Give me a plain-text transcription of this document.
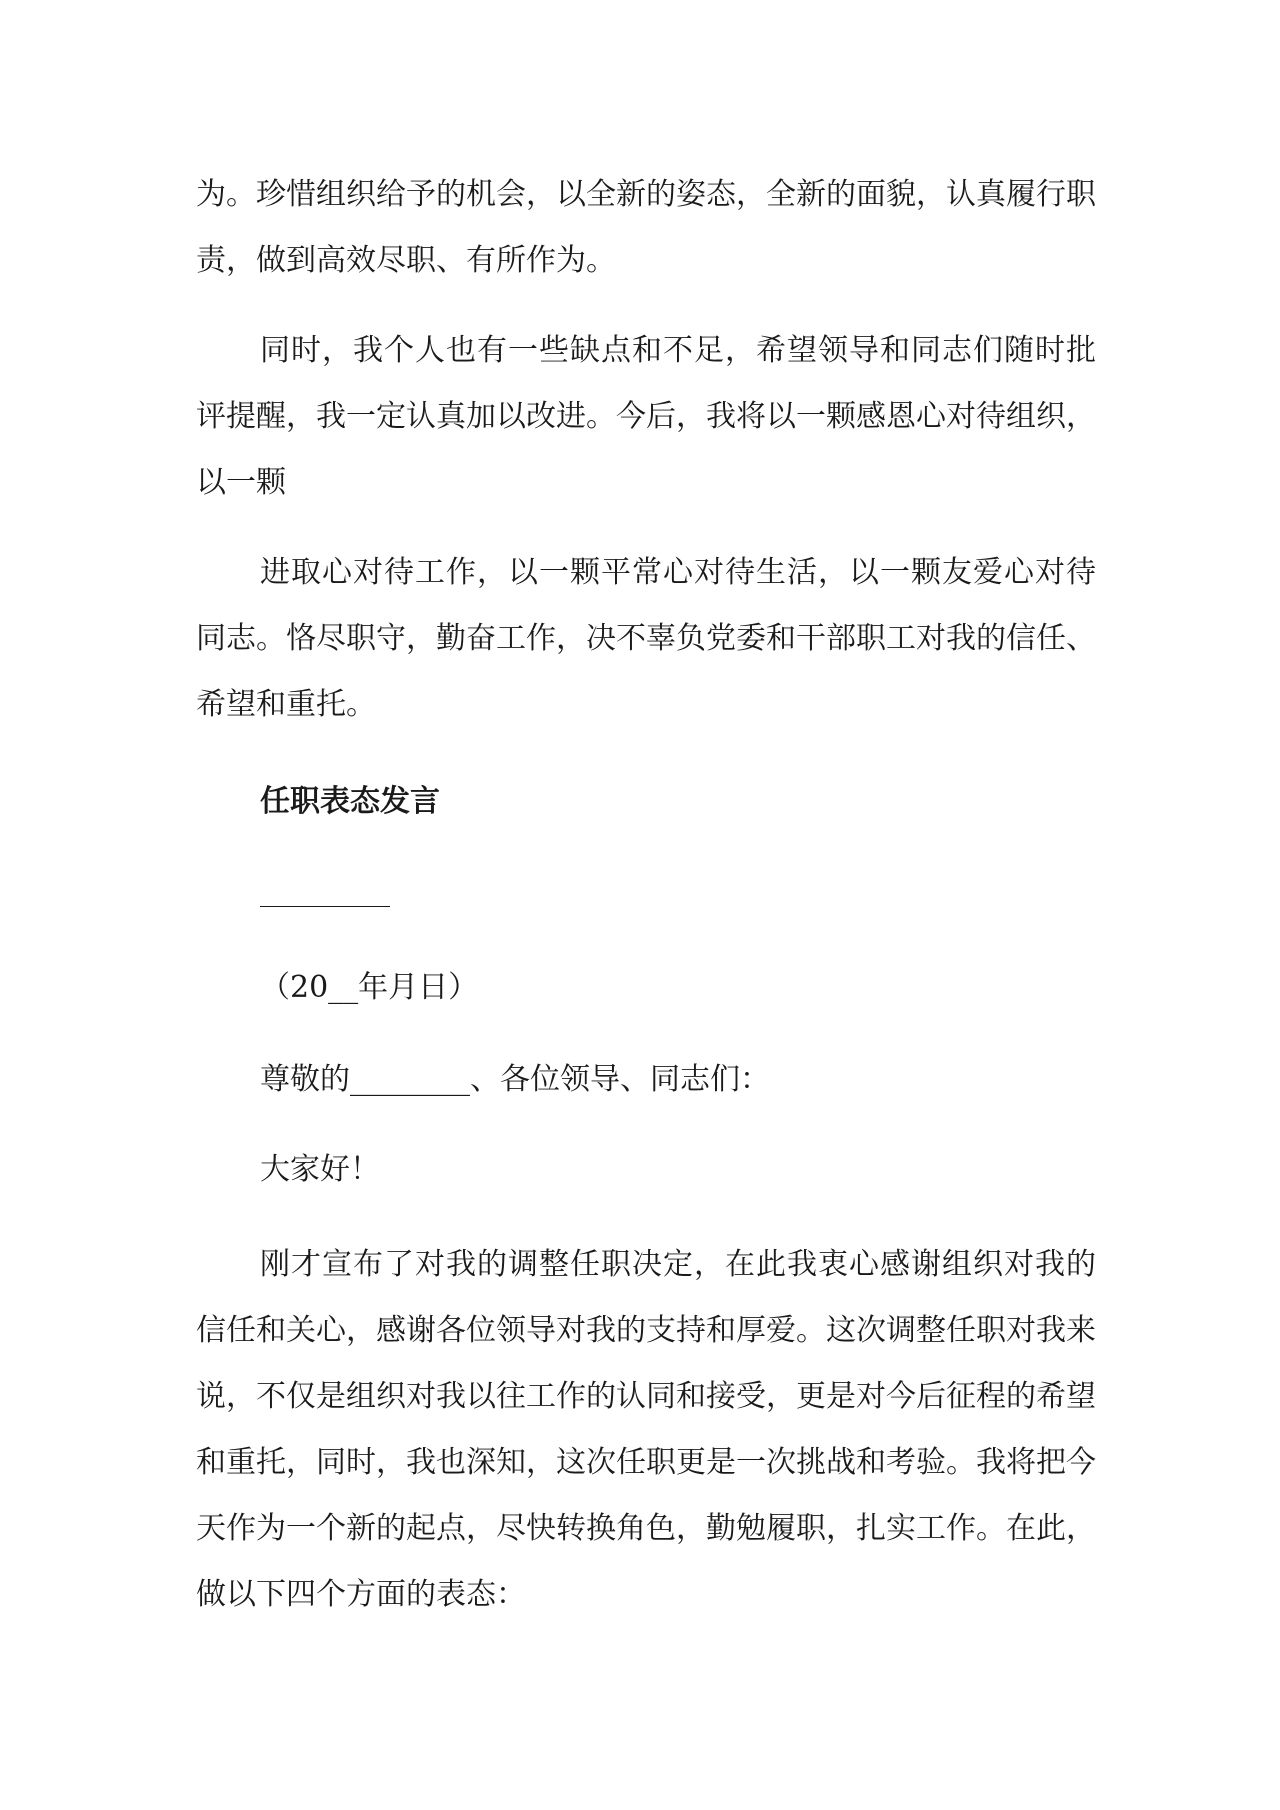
为。珍惜组织给予的机会，以全新的姿态，全新的面貌，认真履行职责，做到高效尽职、有所作为。

同时，我个人也有一些缺点和不足，希望领导和同志们随时批评提醒，我一定认真加以改进。今后，我将以一颗感恩心对待组织，以一颗

进取心对待工作，以一颗平常心对待生活，以一颗友爱心对待同志。恪尽职守，勤奋工作，决不辜负党委和干部职工对我的信任、希望和重托。

任职表态发言

（20__年月日）

尊敬的________、各位领导、同志们：

大家好！

刚才宣布了对我的调整任职决定，在此我衷心感谢组织对我的信任和关心，感谢各位领导对我的支持和厚爱。这次调整任职对我来说，不仅是组织对我以往工作的认同和接受，更是对今后征程的希望和重托，同时，我也深知，这次任职更是一次挑战和考验。我将把今天作为一个新的起点，尽快转换角色，勤勉履职，扎实工作。在此，做以下四个方面的表态：
